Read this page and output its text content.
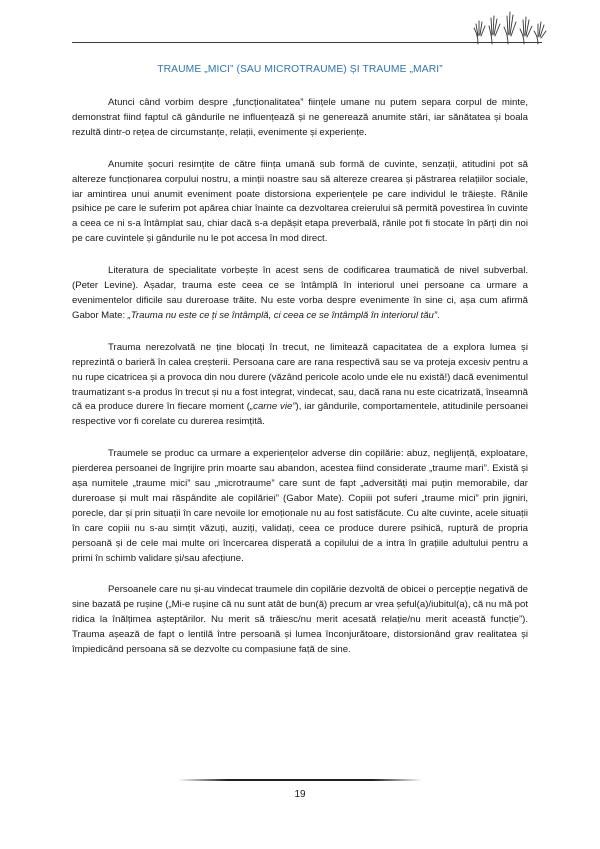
TRAUME „MICI” (SAU MICROTRAUME) ȘI TRAUME „MARI”

Atunci când vorbim despre „funcționalitatea” ființele umane nu putem separa corpul de minte, demonstrat fiind faptul că gândurile ne influențează și ne generează anumite stări, iar sănătatea și boala rezultă dintr-o rețea de circumstanțe, relații, evenimente și experiențe.

Anumite șocuri resimțite de către ființa umană sub formă de cuvinte, senzații, atitudini pot să altereze funcționarea corpului nostru, a minții noastre sau să altereze crearea și păstrarea relațiilor sociale, iar amintirea unui anumit eveniment poate distorsiona experiențele pe care individul le trăiește. Rănile psihice pe care le suferim pot apărea chiar înainte ca dezvoltarea creierului să permită povestirea în cuvinte a ceea ce ni s-a întâmplat sau, chiar dacă s-a depășit etapa preverbală, rănile pot fi stocate în părți din noi pe care cuvintele și gândurile nu le pot accesa în mod direct.

Literatura de specialitate vorbește în acest sens de codificarea traumatică de nivel subverbal. (Peter Levine). Așadar, trauma este ceea ce se întâmplă în interiorul unei persoane ca urmare a evenimentelor dificile sau dureroase trăite. Nu este vorba despre evenimente în sine ci, așa cum afirmă Gabor Mate: „Trauma nu este ce ți se întâmplă, ci ceea ce se întâmplă în interiorul tău”.

Trauma nerezolvată ne ține blocați în trecut, ne limitează capacitatea de a explora lumea și reprezintă o barieră în calea creșterii. Persoana care are rana respectivă sau se va proteja excesiv pentru a nu rupe cicatricea și a provoca din nou durere (văzând pericole acolo unde ele nu există!) dacă evenimentul traumatizant s-a produs în trecut și nu a fost integrat, vindecat, sau, dacă rana nu este cicatrizată, înseamnă că ea produce durere în fiecare moment („carne vie”), iar gândurile, comportamentele, atitudinile persoanei respective vor fi corelate cu durerea resimțită.

Traumele se produc ca urmare a experiențelor adverse din copilărie: abuz, neglijență, exploatare, pierderea persoanei de îngrijire prin moarte sau abandon, acestea fiind considerate „traume mari”. Există și așa numitele „traume mici” sau „microtraume” care sunt de fapt „adversități mai puțin memorabile, dar dureroase și mult mai răspândite ale copilăriei” (Gabor Mate). Copiii pot suferi „traume mici” prin jigniri, porecle, dar și prin situații în care nevoile lor emoționale nu au fost satisfăcute. Cu alte cuvinte, acele situații în care copiii nu s-au simțit văzuți, auziți, validați, ceea ce produce durere psihică, ruptură de propria persoană și de cele mai multe ori încercarea disperată a copilului de a intra în grațiile adultului pentru a primi în schimb validare și/sau afecțiune.

Persoanele care nu și-au vindecat traumele din copilărie dezvoltă de obicei o percepție negativă de sine bazată pe rușine („Mi-e rușine că nu sunt atât de bun(ă) precum ar vrea șeful(a)/iubitul(a), că nu mă pot ridica la înălțimea așteptărilor. Nu merit să trăiesc/nu merit acesată relație/nu merit această funcție”). Trauma așează de fapt o lentilă între persoană și lumea înconjurătoare, distorsionând grav realitatea și împiedicând persoana să se dezvolte cu compasiune față de sine.

19
